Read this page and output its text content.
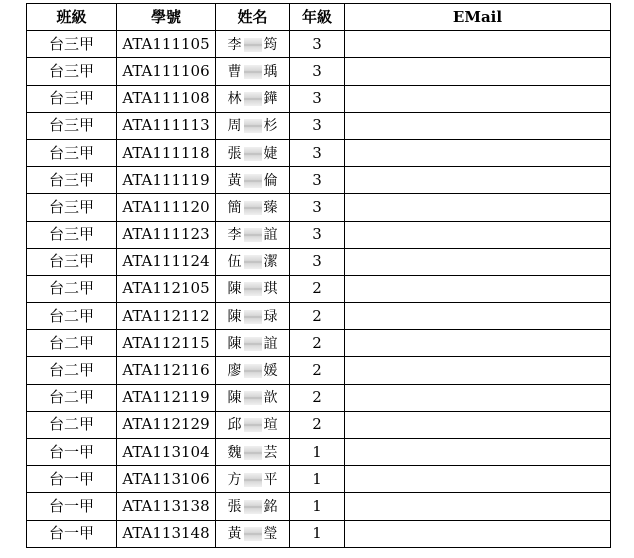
班級	學號	姓名	年級	EMail
台三甲	ATA111105	李 筠	3	
台三甲	ATA111106	曹 瑀	3	
台三甲	ATA111108	林 鏵	3	
台三甲	ATA111113	周 杉	3	
台三甲	ATA111118	張 婕	3	
台三甲	ATA111119	黃 倫	3	
台三甲	ATA111120	簡 臻	3	
台三甲	ATA111123	李 誼	3	
台三甲	ATA111124	伍 潔	3	
台二甲	ATA112105	陳 琪	2	
台二甲	ATA112112	陳 琭	2	
台二甲	ATA112115	陳 誼	2	
台二甲	ATA112116	廖 媛	2	
台二甲	ATA112119	陳 歆	2	
台二甲	ATA112129	邱 瑄	2	
台一甲	ATA113104	魏 芸	1	
台一甲	ATA113106	方 平	1	
台一甲	ATA113138	張 銘	1	
台一甲	ATA113148	黃 瑩	1	
